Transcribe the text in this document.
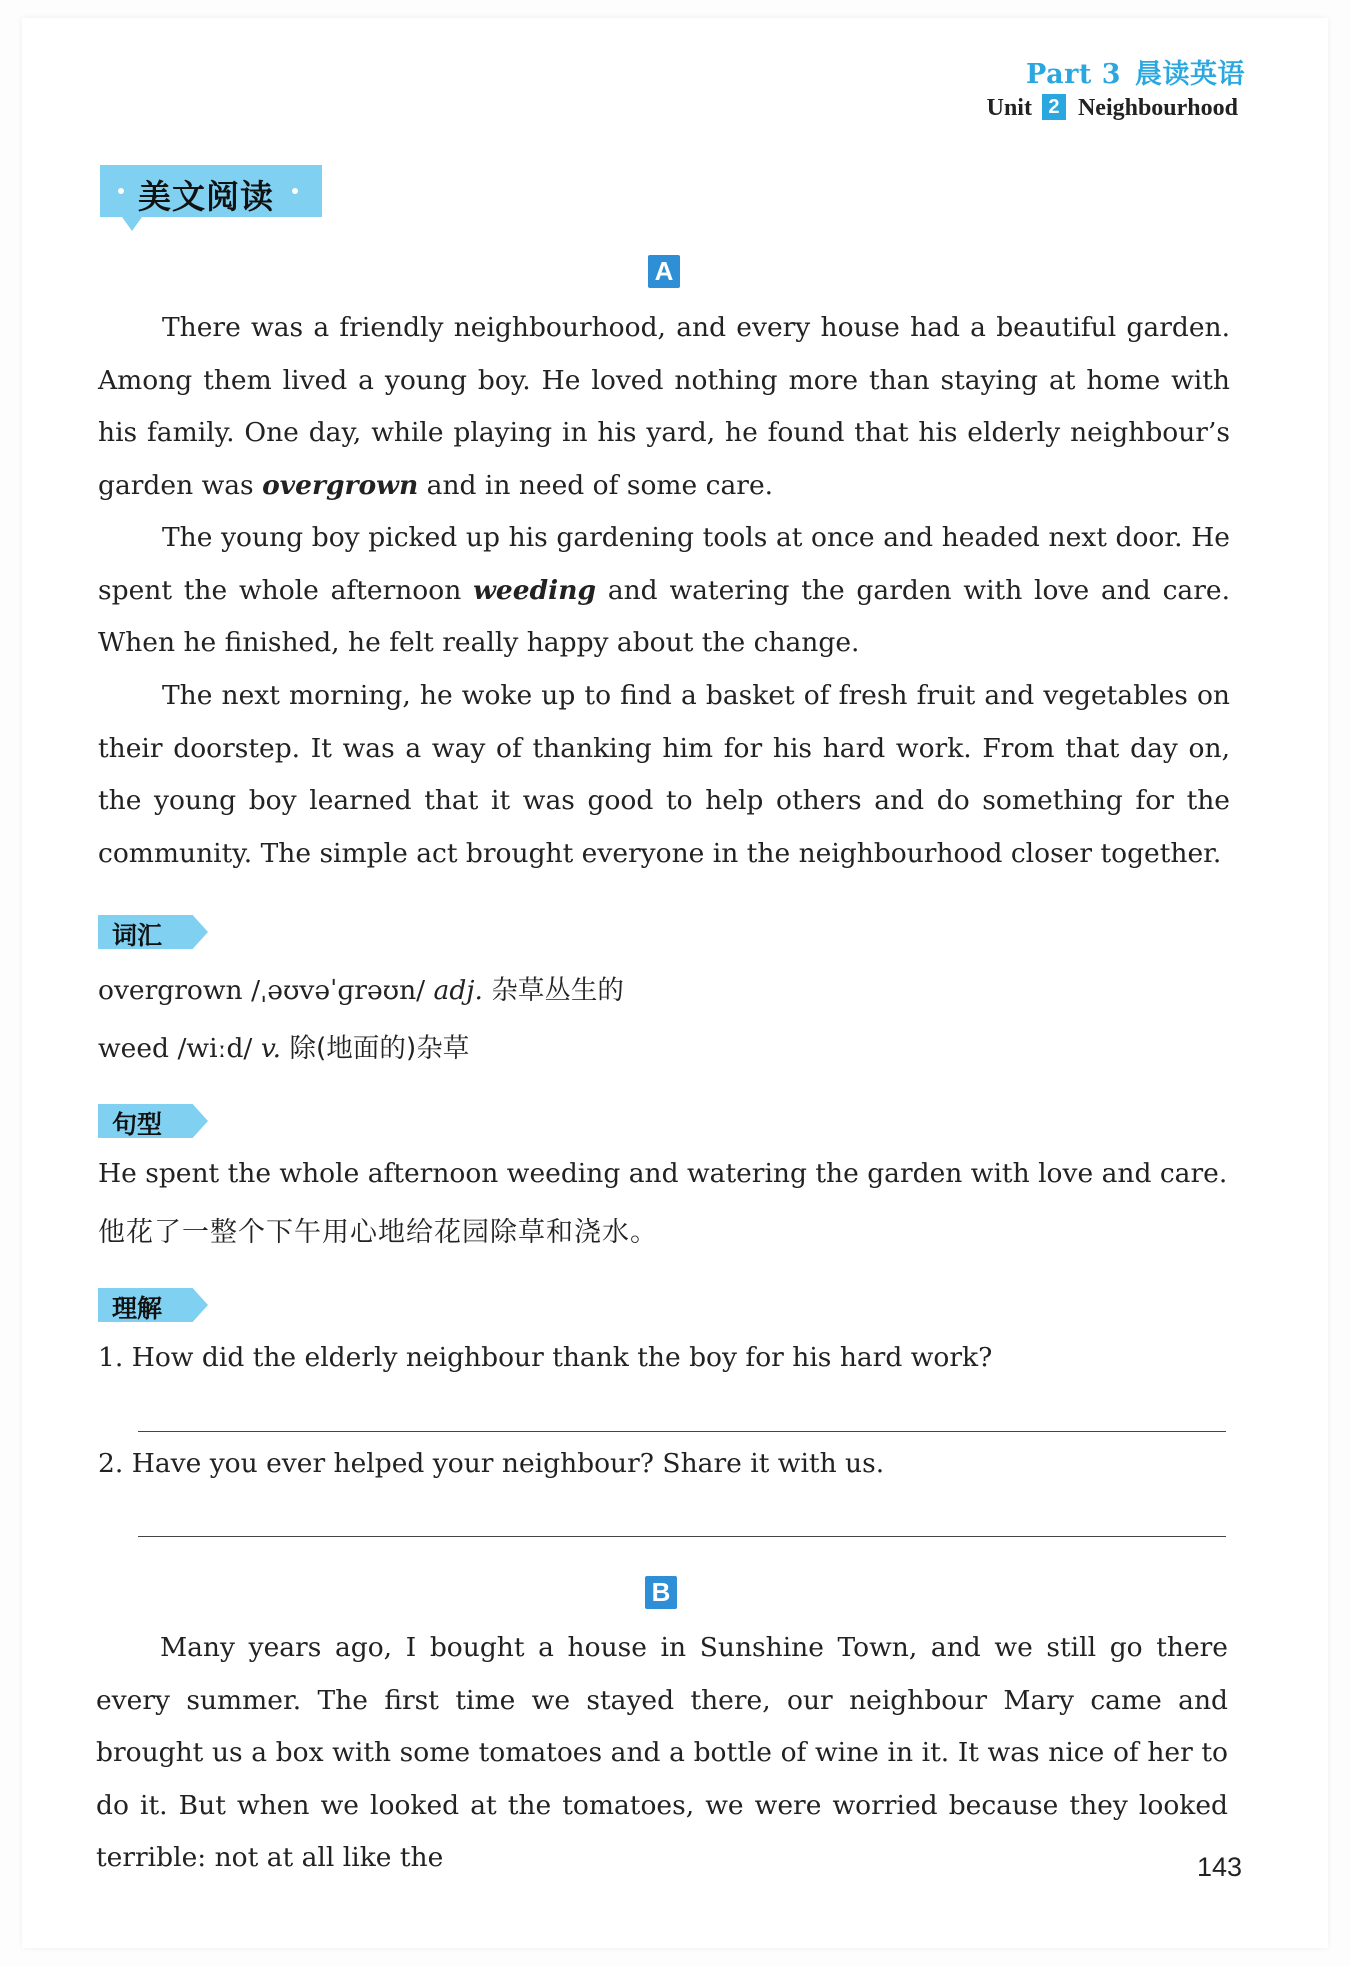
Part 3 晨读英语
Unit 2 Neighbourhood
美文阅读
A

There was a friendly neighbourhood, and every house had a beautiful garden. Among them lived a young boy. He loved nothing more than staying at home with his family. One day, while playing in his yard, he found that his elderly neighbour’s garden was overgrown and in need of some care.

The young boy picked up his gardening tools at once and headed next door. He spent the whole afternoon weeding and watering the garden with love and care. When he finished, he felt really happy about the change.

The next morning, he woke up to find a basket of fresh fruit and vegetables on their doorstep. It was a way of thanking him for his hard work. From that day on, the young boy learned that it was good to help others and do something for the community. The simple act brought everyone in the neighbourhood closer together.

词汇
overgrown /ˌəʊvəˈɡrəʊn/ adj. 杂草丛生的
weed /wiːd/ v. 除(地面的)杂草
句型
He spent the whole afternoon weeding and watering the garden with love and care.
他花了一整个下午用心地给花园除草和浇水。
理解
1. How did the elderly neighbour thank the boy for his hard work?
2. Have you ever helped your neighbour? Share it with us.
B

Many years ago, I bought a house in Sunshine Town, and we still go there every summer. The first time we stayed there, our neighbour Mary came and brought us a box with some tomatoes and a bottle of wine in it. It was nice of her to do it. But when we looked at the tomatoes, we were worried because they looked terrible: not at all like the	143
